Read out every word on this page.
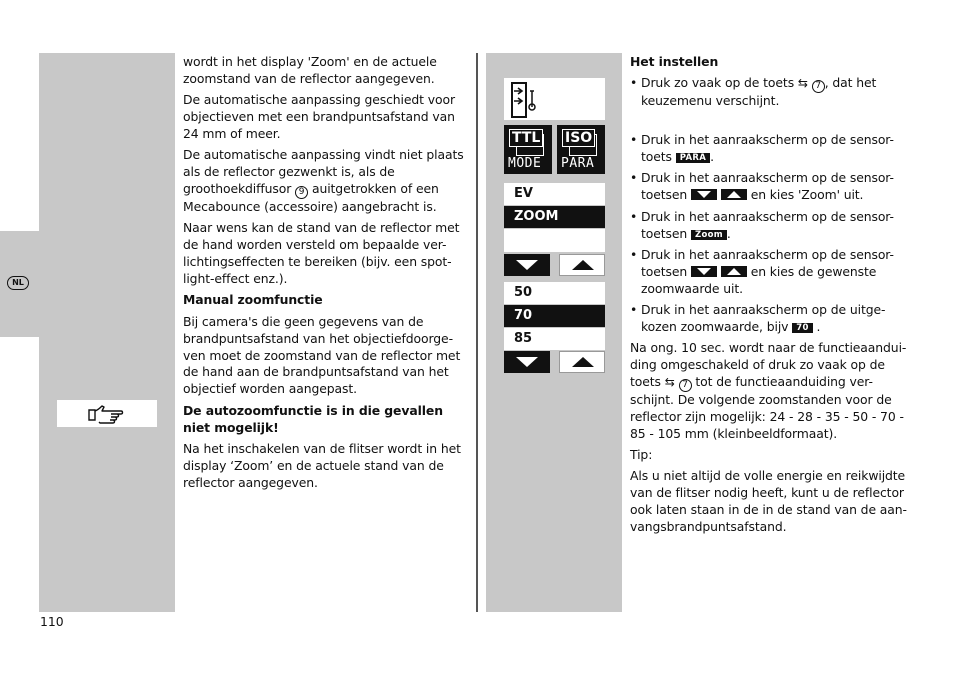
NL

wordt in het display 'Zoom' en de actuele zoomstand van de reflector aangegeven.

De automatische aanpassing geschiedt voor objectieven met een brandpuntsafstand van 24 mm of meer.

De automatische aanpassing vindt niet plaats als de reflector gezwenkt is, als de groothoekdiffusor 9 auitgetrokken of een Mecabounce (accessoire) aangebracht is.

Naar wens kan de stand van de reflector met de hand worden versteld om bepaalde ver-lichtingseffecten te bereiken (bijv. een spot-light-effect enz.).

Manual zoomfunctie

Bij camera's die geen gegevens van de brandpuntsafstand van het objectiefdoorge-ven moet de zoomstand van de reflector met de hand aan de brandpuntsafstand van het objectief worden aangepast.

De autozoomfunctie is in die gevallen niet mogelijk!

Na het inschakelen van de flitser wordt in het display ‘Zoom’ en de actuele stand van de reflector aangegeven.

TTL
MODE
ISO
PARA
EV
ZOOM
50
70
85

Het instellen

• Druk zo vaak op de toets ⇆ 7 , dat het keuzemenu verschijnt.
• Druk in het aanraakscherm op de sensor-toets PARA .
• Druk in het aanraakscherm op de sensor-toetsen
	en kies 'Zoom' uit.
• Druk in het aanraakscherm op de sensor-toetsen Zoom .
• Druk in het aanraakscherm op de sensor-toetsen
	en kies de gewenste zoomwaarde uit.
• Druk in het aanraakscherm op de uitge-kozen zoomwaarde, bijv 70 .

Na ong. 10 sec. wordt naar de functieaandui-ding omgeschakeld of druk zo vaak op de toets ⇆ 7 tot de functieaanduiding ver-schijnt. De volgende zoomstanden voor de reflector zijn mogelijk: 24 - 28 - 35 - 50 - 70 - 85 - 105 mm (kleinbeeldformaat).

Tip:

Als u niet altijd de volle energie en reikwijdte van de flitser nodig heeft, kunt u de reflector ook laten staan in de in de stand van de aan-vangsbrandpuntsafstand.

110
